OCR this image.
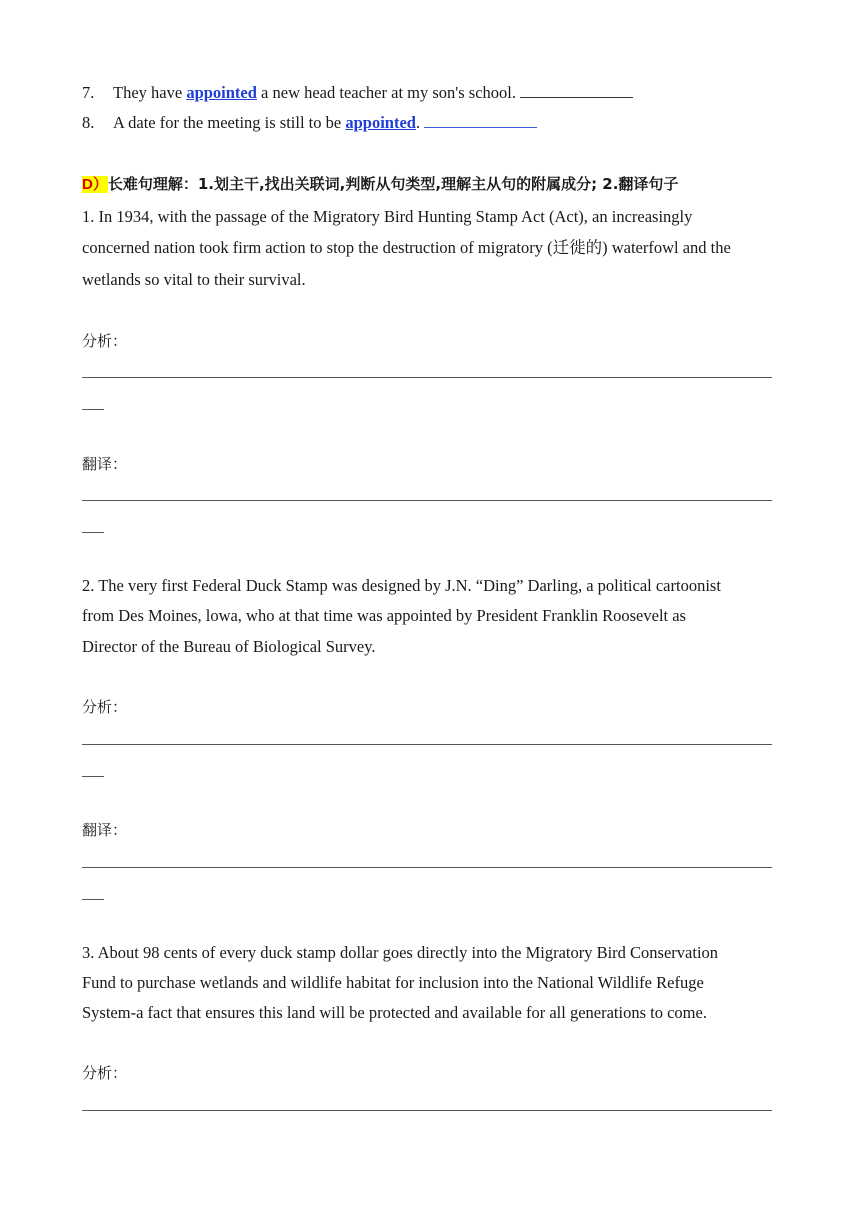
7. They have appointed a new head teacher at my son's school.
8. A date for the meeting is still to be appointed.
D）长难句理解：1.划主干,找出关联词,判断从句类型,理解主从句的附属成分; 2.翻译句子
1. In 1934, with the passage of the Migratory Bird Hunting Stamp Act (Act), an increasingly
concerned nation took firm action to stop the destruction of migratory (迁徙的) waterfowl and the
wetlands so vital to their survival.
分析：
翻译：
2. The very first Federal Duck Stamp was designed by J.N. “Ding” Darling, a political cartoonist
from Des Moines, lowa, who at that time was appointed by President Franklin Roosevelt as
Director of the Bureau of Biological Survey.
分析：
翻译：
3. About 98 cents of every duck stamp dollar goes directly into the Migratory Bird Conservation
Fund to purchase wetlands and wildlife habitat for inclusion into the National Wildlife Refuge
System-a fact that ensures this land will be protected and available for all generations to come.
分析：
